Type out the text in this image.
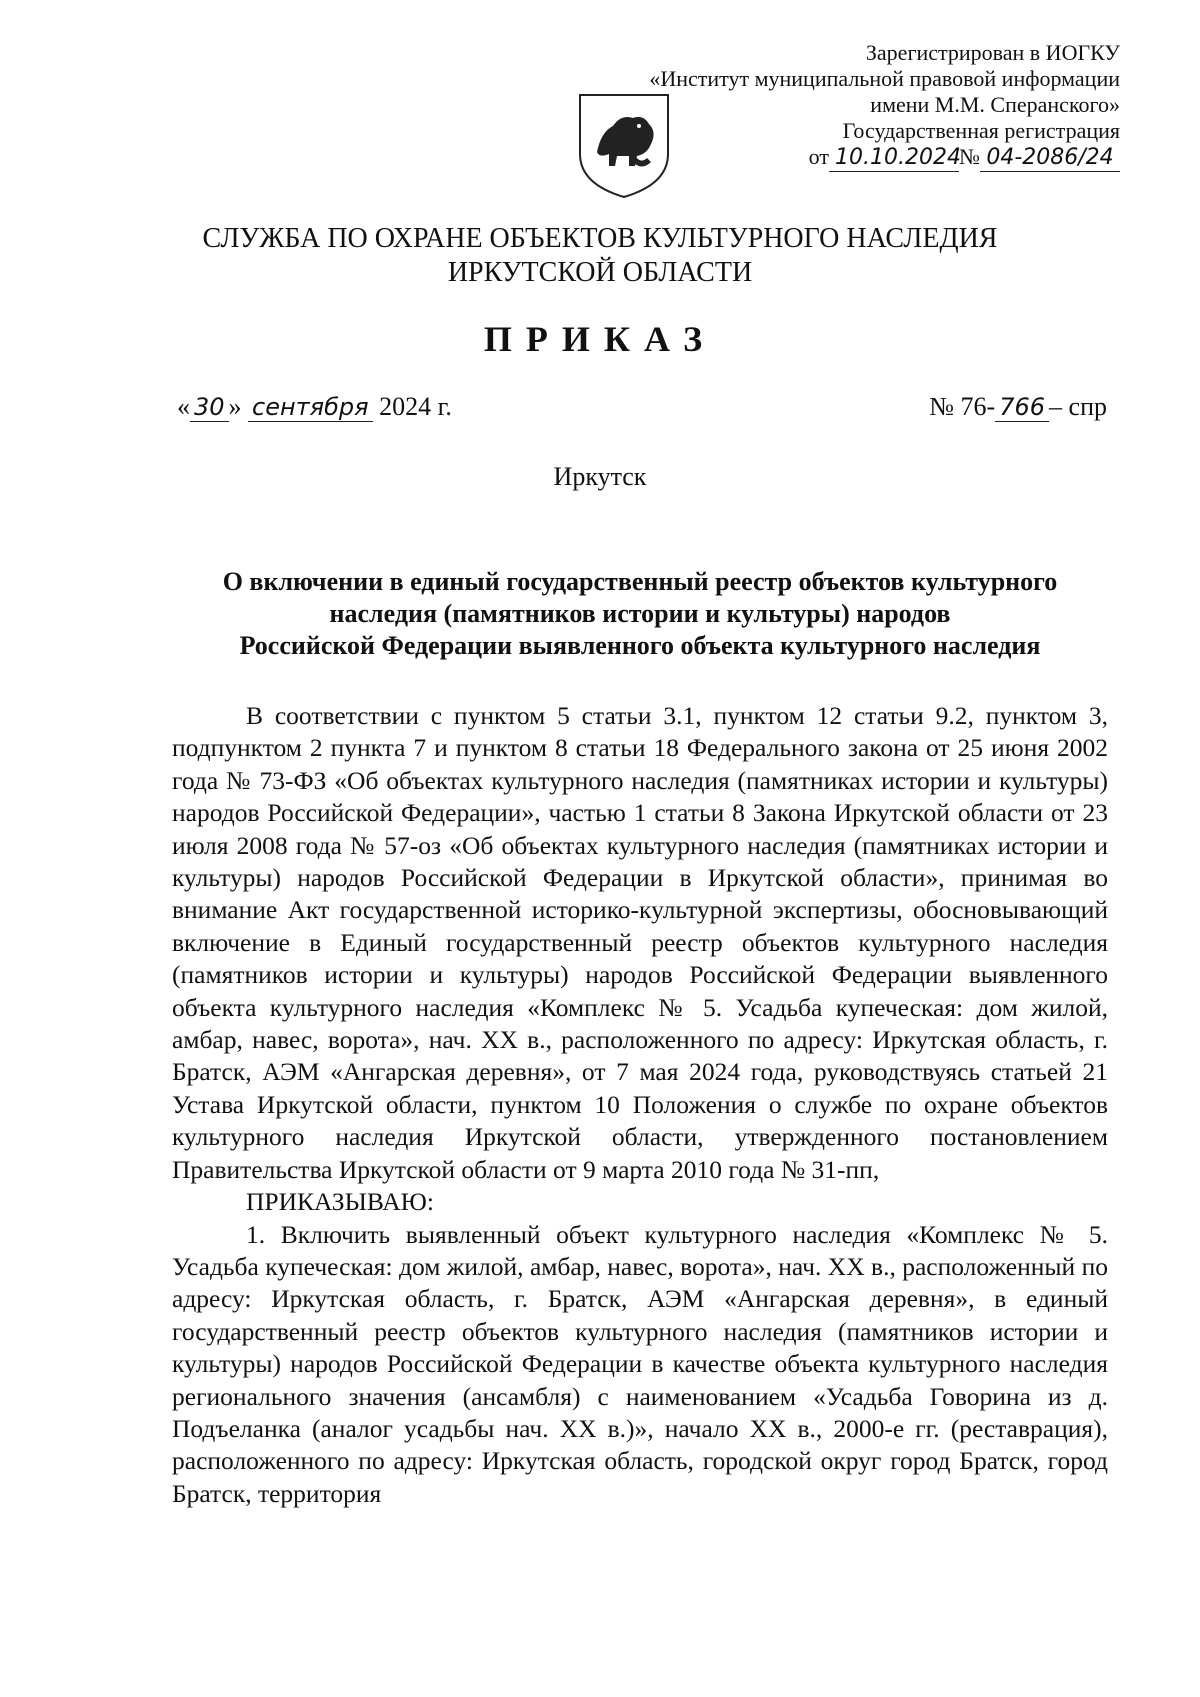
Зарегистрирован в ИОГКУ
«Институт муниципальной правовой информации
имени М.М. Сперанского»
Государственная регистрация
от 10.10.2024
№ 04-2086/24
СЛУЖБА ПО ОХРАНЕ ОБЪЕКТОВ КУЛЬТУРНОГО НАСЛЕДИЯ
ИРКУТСКОЙ ОБЛАСТИ
ПРИКАЗ
« 30 » сентября 2024 г.	№ 76- 766 – спр
Иркутск
О включении в единый государственный реестр объектов культурного
наследия (памятников истории и культуры) народов
Российской Федерации выявленного объекта культурного наследия

В соответствии с пунктом 5 статьи 3.1, пунктом 12 статьи 9.2, пунктом 3, подпунктом 2 пункта 7 и пунктом 8 статьи 18 Федерального закона от 25 июня 2002 года № 73-ФЗ «Об объектах культурного наследия (памятниках истории и культуры) народов Российской Федерации», частью 1 статьи 8 Закона Иркутской области от 23 июля 2008 года № 57-оз «Об объектах культурного наследия (памятниках истории и культуры) народов Российской Федерации в Иркутской области», принимая во внимание Акт государственной историко-культурной экспертизы, обосновывающий включение в Единый государственный реестр объектов культурного наследия (памятников истории и культуры) народов Российской Федерации выявленного объекта культурного наследия «Комплекс № 5. Усадьба купеческая: дом жилой, амбар, навес, ворота», нач. XX в., расположенного по адресу: Иркутская область, г. Братск, АЭМ «Ангарская деревня», от 7 мая 2024 года, руководствуясь статьей 21 Устава Иркутской области, пунктом 10 Положения о службе по охране объектов культурного наследия Иркутской области, утвержденного постановлением Правительства Иркутской области от 9 марта 2010 года № 31-пп,

ПРИКАЗЫВАЮ:

1. Включить выявленный объект культурного наследия «Комплекс № 5. Усадьба купеческая: дом жилой, амбар, навес, ворота», нач. XX в., расположенный по адресу: Иркутская область, г. Братск, АЭМ «Ангарская деревня», в единый государственный реестр объектов культурного наследия (памятников истории и культуры) народов Российской Федерации в качестве объекта культурного наследия регионального значения (ансамбля) с наименованием «Усадьба Говорина из д. Подъеланка (аналог усадьбы нач. XX в.)», начало XX в., 2000-е гг. (реставрация), расположенного по адресу: Иркутская область, городской округ город Братск, город Братск, территория
